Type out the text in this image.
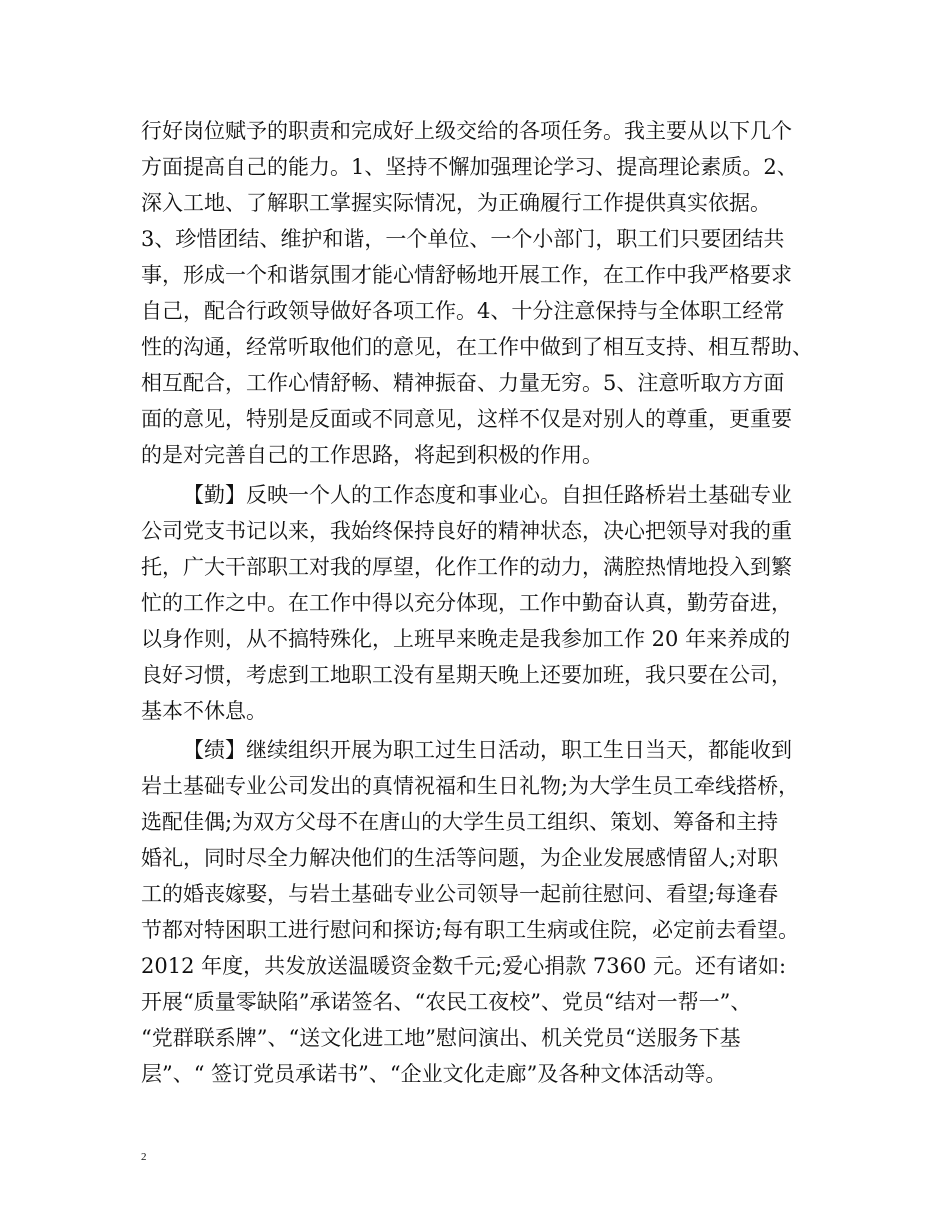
行好岗位赋予的职责和完成好上级交给的各项任务。我主要从以下几个
方面提高自己的能力。1、坚持不懈加强理论学习、提高理论素质。2、
深入工地、了解职工掌握实际情况，为正确履行工作提供真实依据。
3、珍惜团结、维护和谐，一个单位、一个小部门，职工们只要团结共
事，形成一个和谐氛围才能心情舒畅地开展工作，在工作中我严格要求
自己，配合行政领导做好各项工作。4、十分注意保持与全体职工经常
性的沟通，经常听取他们的意见，在工作中做到了相互支持、相互帮助、
相互配合，工作心情舒畅、精神振奋、力量无穷。5、注意听取方方面
面的意见，特别是反面或不同意见，这样不仅是对别人的尊重，更重要
的是对完善自己的工作思路，将起到积极的作用。
【勤】反映一个人的工作态度和事业心。自担任路桥岩土基础专业
公司党支书记以来，我始终保持良好的精神状态，决心把领导对我的重
托，广大干部职工对我的厚望，化作工作的动力，满腔热情地投入到繁
忙的工作之中。在工作中得以充分体现，工作中勤奋认真，勤劳奋进，
以身作则，从不搞特殊化，上班早来晚走是我参加工作 20 年来养成的
良好习惯，考虑到工地职工没有星期天晚上还要加班，我只要在公司，
基本不休息。
【绩】继续组织开展为职工过生日活动，职工生日当天，都能收到
岩土基础专业公司发出的真情祝福和生日礼物;为大学生员工牵线搭桥，
选配佳偶;为双方父母不在唐山的大学生员工组织、策划、筹备和主持
婚礼，同时尽全力解决他们的生活等问题，为企业发展感情留人;对职
工的婚丧嫁娶，与岩土基础专业公司领导一起前往慰问、看望;每逢春
节都对特困职工进行慰问和探访;每有职工生病或住院，必定前去看望。
2012 年度，共发放送温暖资金数千元;爱心捐款 7360 元。还有诸如:
开展“质量零缺陷”承诺签名、“农民工夜校”、党员“结对一帮一”、
“党群联系牌”、“送文化进工地”慰问演出、机关党员“送服务下基
层”、“ 签订党员承诺书”、“企业文化走廊”及各种文体活动等。
2
